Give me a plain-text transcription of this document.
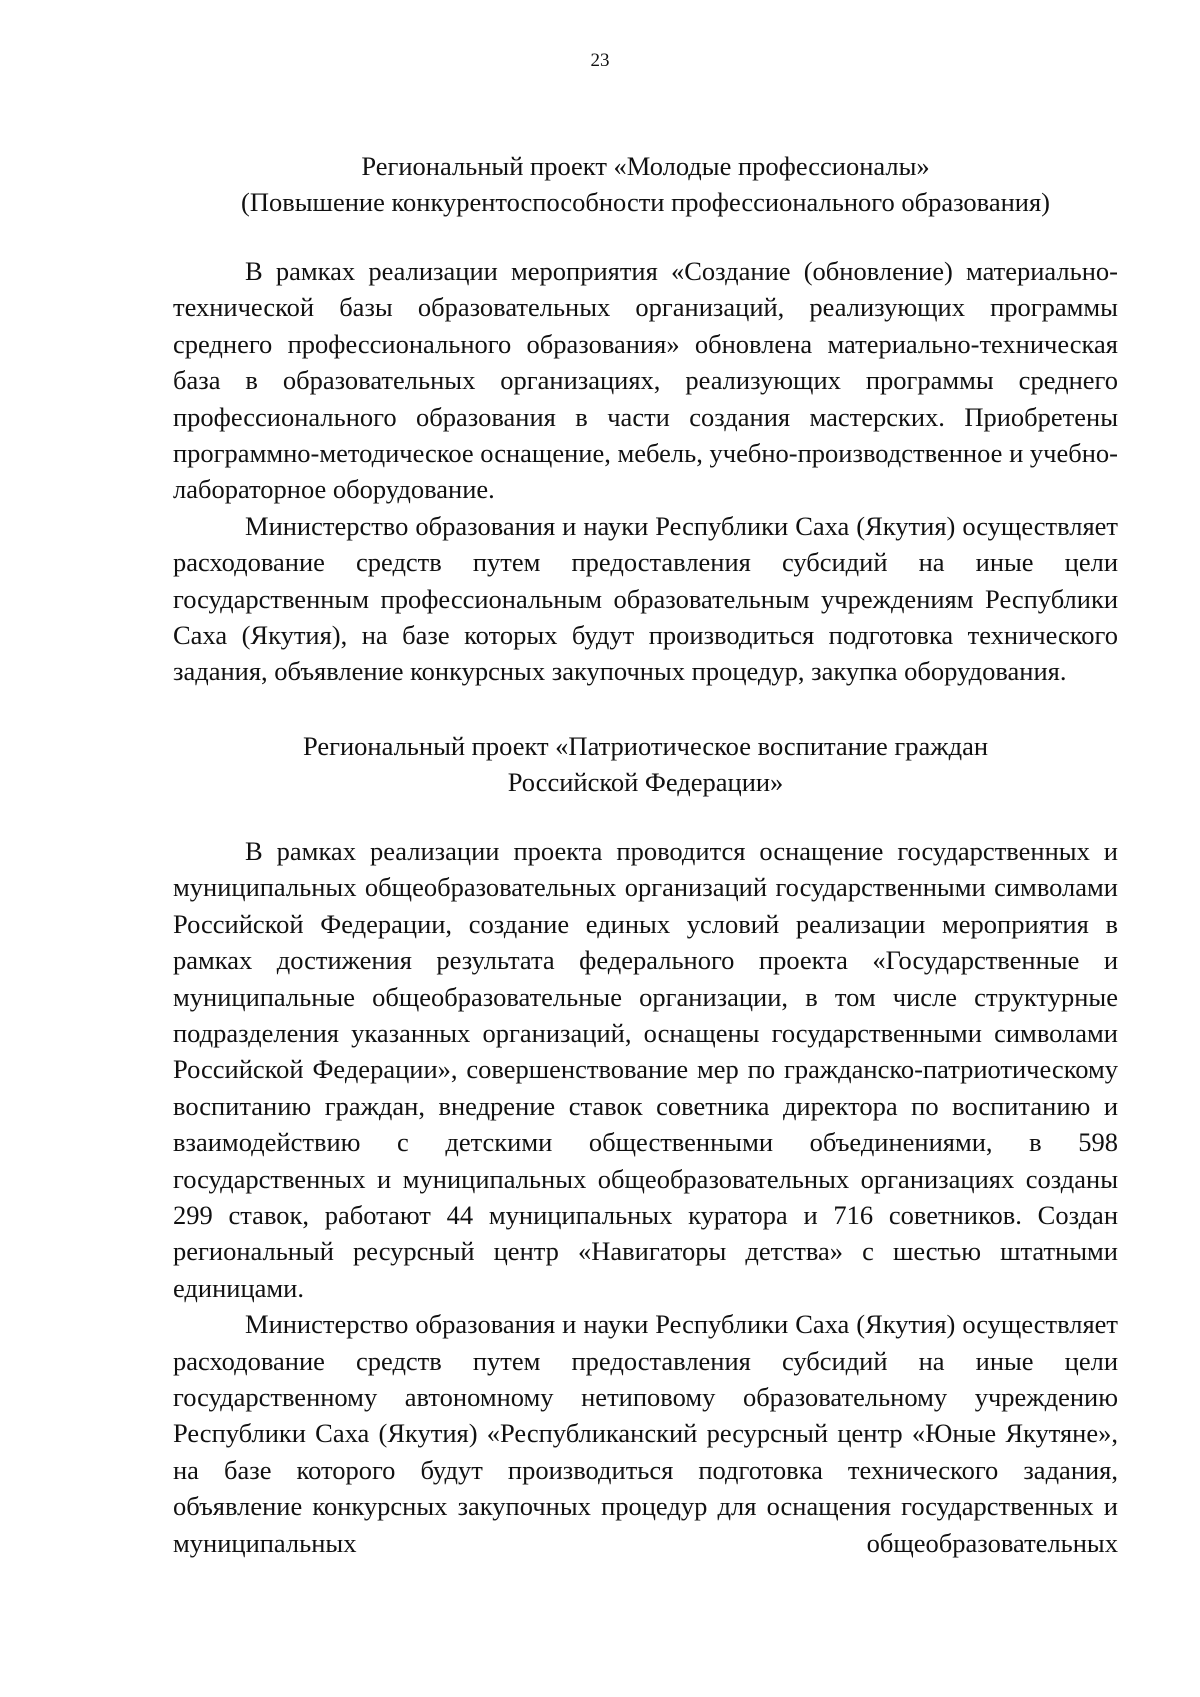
23
Региональный проект «Молодые профессионалы»
(Повышение конкурентоспособности профессионального образования)

В рамках реализации мероприятия «Создание (обновление) материально-технической базы образовательных организаций, реализующих программы среднего профессионального образования» обновлена материально-техническая база в образовательных организациях, реализующих программы среднего профессионального образования в части создания мастерских. Приобретены программно-методическое оснащение, мебель, учебно-производственное и учебно-лабораторное оборудование.

Министерство образования и науки Республики Саха (Якутия) осуществляет расходование средств путем предоставления субсидий на иные цели государственным профессиональным образовательным учреждениям Республики Саха (Якутия), на базе которых будут производиться подготовка технического задания, объявление конкурсных закупочных процедур, закупка оборудования.

Региональный проект «Патриотическое воспитание граждан
Российской Федерации»

В рамках реализации проекта проводится оснащение государственных и муниципальных общеобразовательных организаций государственными символами Российской Федерации, создание единых условий реализации мероприятия в рамках достижения результата федерального проекта «Государственные и муниципальные общеобразовательные организации, в том числе структурные подразделения указанных организаций, оснащены государственными символами Российской Федерации», совершенствование мер по гражданско-патриотическому воспитанию граждан, внедрение ставок советника директора по воспитанию и взаимодействию с детскими общественными объединениями, в 598 государственных и муниципальных общеобразовательных организациях созданы 299 ставок, работают 44 муниципальных куратора и 716 советников. Создан региональный ресурсный центр «Навигаторы детства» с шестью штатными единицами.

Министерство образования и науки Республики Саха (Якутия) осуществляет расходование средств путем предоставления субсидий на иные цели государственному автономному нетиповому образовательному учреждению Республики Саха (Якутия) «Республиканский ресурсный центр «Юные Якутяне», на базе которого будут производиться подготовка технического задания, объявление конкурсных закупочных процедур для оснащения государственных и муниципальных общеобразовательных
